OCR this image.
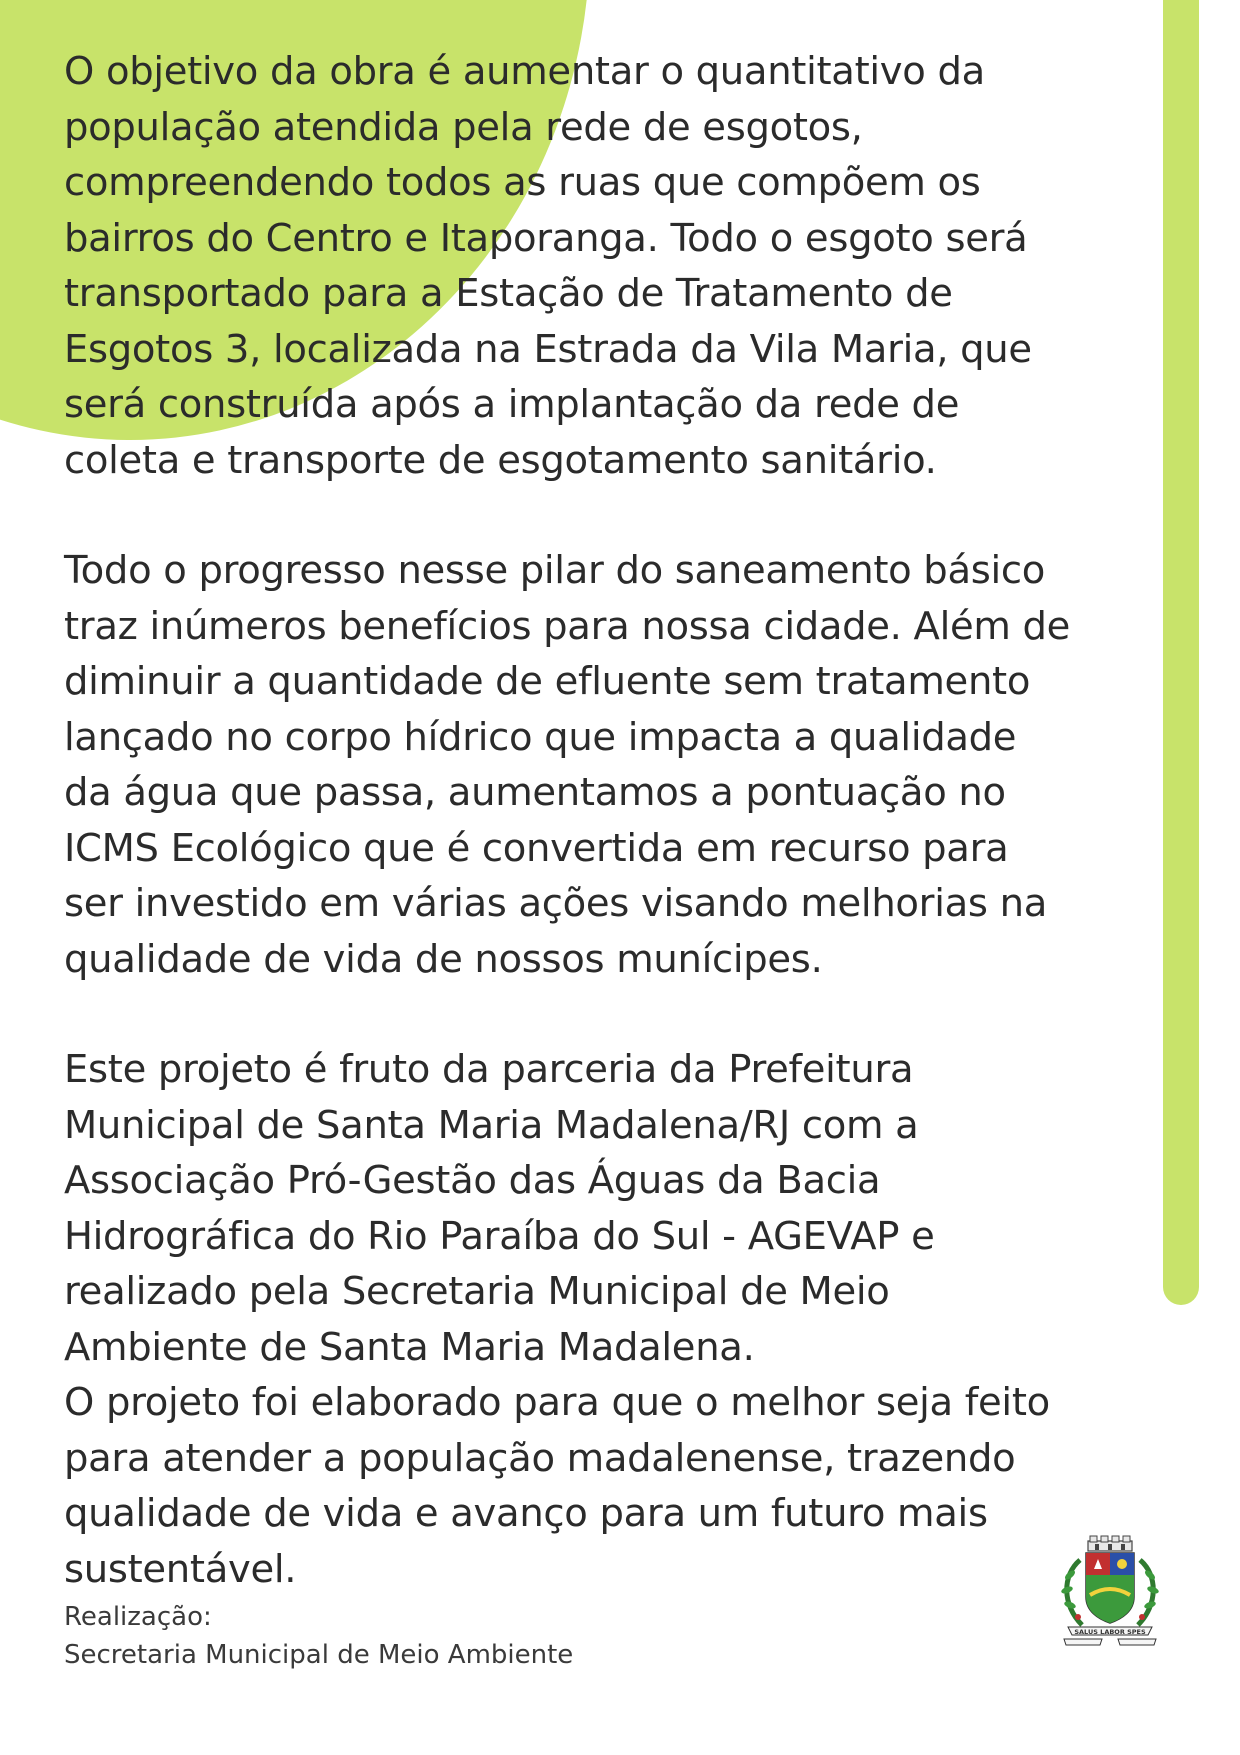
O objetivo da obra é aumentar o quantitativo da
população atendida pela rede de esgotos,
compreendendo todos as ruas que compõem os
bairros do Centro e Itaporanga. Todo o esgoto será
transportado para a Estação de Tratamento de
Esgotos 3, localizada na Estrada da Vila Maria, que
será construída após a implantação da rede de
coleta e transporte de esgotamento sanitário.

Todo o progresso nesse pilar do saneamento básico
traz inúmeros benefícios para nossa cidade. Além de
diminuir a quantidade de efluente sem tratamento
lançado no corpo hídrico que impacta a qualidade
da água que passa, aumentamos a pontuação no
ICMS Ecológico que é convertida em recurso para
ser investido em várias ações visando melhorias na
qualidade de vida de nossos munícipes.

Este projeto é fruto da parceria da Prefeitura
Municipal de Santa Maria Madalena/RJ com a
Associação Pró-Gestão das Águas da Bacia
Hidrográfica do Rio Paraíba do Sul - AGEVAP e
realizado pela Secretaria Municipal de Meio
Ambiente de Santa Maria Madalena.
O projeto foi elaborado para que o melhor seja feito
para atender a população madalenense, trazendo
qualidade de vida e avanço para um futuro mais
sustentável.

Realização:
Secretaria Municipal de Meio Ambiente
SALUS LABOR SPES
